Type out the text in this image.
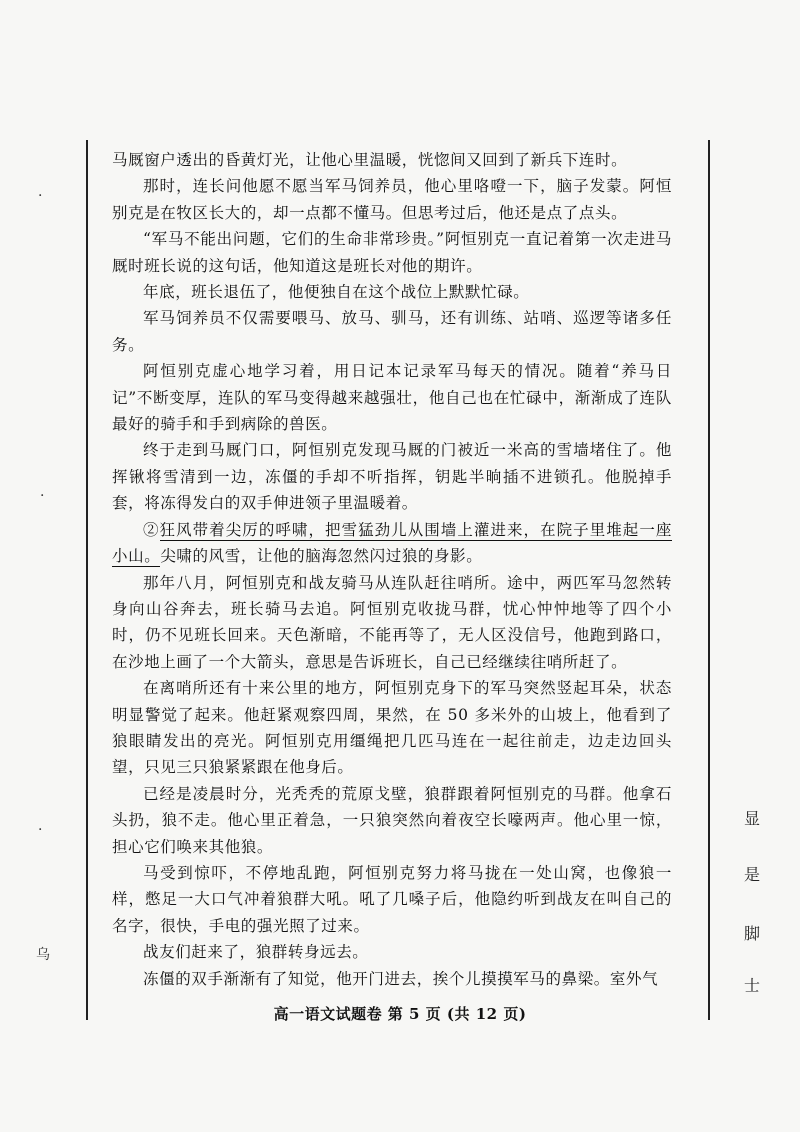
·
·
·
乌
显
是
脚
士

马厩窗户透出的昏黄灯光，让他心里温暖，恍惚间又回到了新兵下连时。

那时，连长问他愿不愿当军马饲养员，他心里咯噔一下，脑子发蒙。阿恒别克是在牧区长大的，却一点都不懂马。但思考过后，他还是点了点头。

“军马不能出问题，它们的生命非常珍贵。”阿恒别克一直记着第一次走进马厩时班长说的这句话，他知道这是班长对他的期许。

年底，班长退伍了，他便独自在这个战位上默默忙碌。

军马饲养员不仅需要喂马、放马、驯马，还有训练、站哨、巡逻等诸多任务。

阿恒别克虚心地学习着，用日记本记录军马每天的情况。随着“养马日记”不断变厚，连队的军马变得越来越强壮，他自己也在忙碌中，渐渐成了连队最好的骑手和手到病除的兽医。

终于走到马厩门口，阿恒别克发现马厩的门被近一米高的雪墙堵住了。他挥锹将雪清到一边，冻僵的手却不听指挥，钥匙半晌插不进锁孔。他脱掉手套，将冻得发白的双手伸进领子里温暖着。

②狂风带着尖厉的呼啸，把雪猛劲儿从围墙上灌进来，在院子里堆起一座小山。尖啸的风雪，让他的脑海忽然闪过狼的身影。

那年八月，阿恒别克和战友骑马从连队赶往哨所。途中，两匹军马忽然转身向山谷奔去，班长骑马去追。阿恒别克收拢马群，忧心忡忡地等了四个小时，仍不见班长回来。天色渐暗，不能再等了，无人区没信号，他跑到路口，在沙地上画了一个大箭头，意思是告诉班长，自己已经继续往哨所赶了。

在离哨所还有十来公里的地方，阿恒别克身下的军马突然竖起耳朵，状态明显警觉了起来。他赶紧观察四周，果然，在 50 多米外的山坡上，他看到了狼眼睛发出的亮光。阿恒别克用缰绳把几匹马连在一起往前走，边走边回头望，只见三只狼紧紧跟在他身后。

已经是凌晨时分，光秃秃的荒原戈壁，狼群跟着阿恒别克的马群。他拿石头扔，狼不走。他心里正着急，一只狼突然向着夜空长嚎两声。他心里一惊，担心它们唤来其他狼。

马受到惊吓，不停地乱跑，阿恒别克努力将马拢在一处山窝，也像狼一样，憋足一大口气冲着狼群大吼。吼了几嗓子后，他隐约听到战友在叫自己的名字，很快，手电的强光照了过来。

战友们赶来了，狼群转身远去。

冻僵的双手渐渐有了知觉，他开门进去，挨个儿摸摸军马的鼻梁。室外气

高一语文试题卷 第 5 页 (共 12 页)
